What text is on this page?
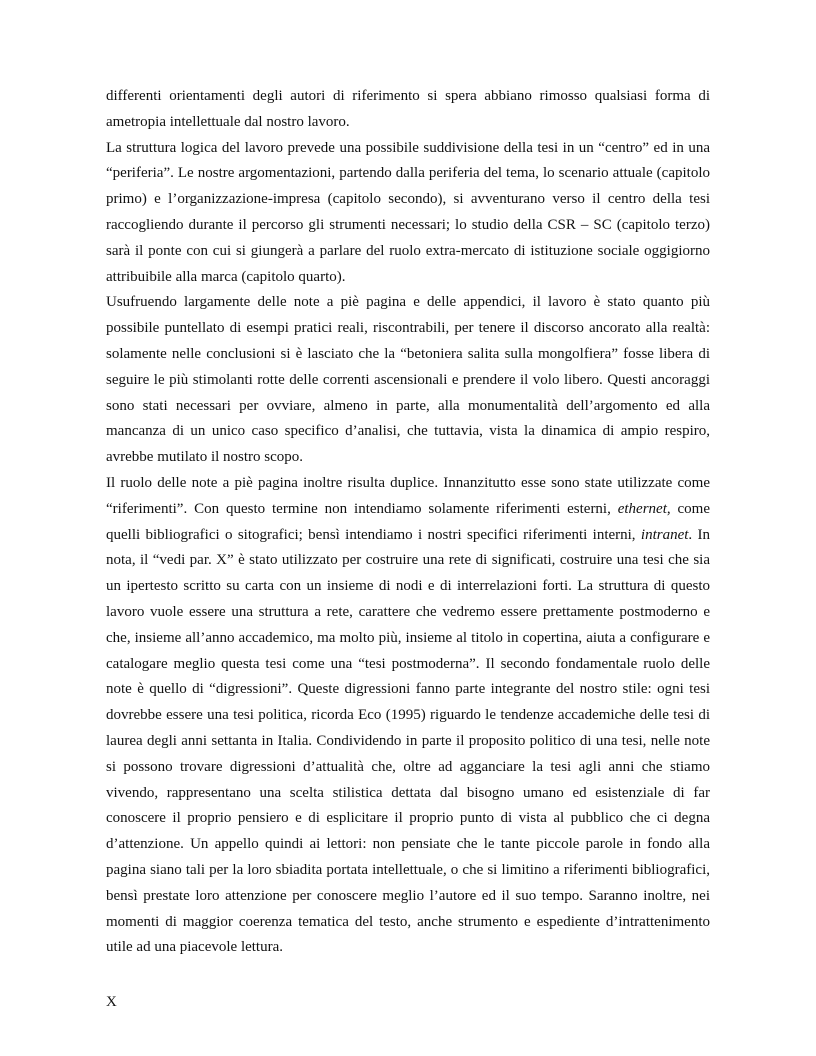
differenti orientamenti degli autori di riferimento si spera abbiano rimosso qualsiasi forma di ametropia intellettuale dal nostro lavoro.

La struttura logica del lavoro prevede una possibile suddivisione della tesi in un “centro” ed in una “periferia”. Le nostre argomentazioni, partendo dalla periferia del tema, lo scenario attuale (capitolo primo) e l’organizzazione-impresa (capitolo secondo), si avventurano verso il centro della tesi raccogliendo durante il percorso gli strumenti necessari; lo studio della CSR – SC (capitolo terzo) sarà il ponte con cui si giungerà a parlare del ruolo extra-mercato di istituzione sociale oggigiorno attribuibile alla marca (capitolo quarto).

Usufruendo largamente delle note a piè pagina e delle appendici, il lavoro è stato quanto più possibile puntellato di esempi pratici reali, riscontrabili, per tenere il discorso ancorato alla realtà: solamente nelle conclusioni si è lasciato che la “betoniera salita sulla mongolfiera” fosse libera di seguire le più stimolanti rotte delle correnti ascensionali e prendere il volo libero. Questi ancoraggi sono stati necessari per ovviare, almeno in parte, alla monumentalità dell’argomento ed alla mancanza di un unico caso specifico d’analisi, che tuttavia, vista la dinamica di ampio respiro, avrebbe mutilato il nostro scopo.

Il ruolo delle note a piè pagina inoltre risulta duplice. Innanzitutto esse sono state utilizzate come “riferimenti”. Con questo termine non intendiamo solamente riferimenti esterni, ethernet, come quelli bibliografici o sitografici; bensì intendiamo i nostri specifici riferimenti interni, intranet. In nota, il “vedi par. X” è stato utilizzato per costruire una rete di significati, costruire una tesi che sia un ipertesto scritto su carta con un insieme di nodi e di interrelazioni forti. La struttura di questo lavoro vuole essere una struttura a rete, carattere che vedremo essere prettamente postmoderno e che, insieme all’anno accademico, ma molto più, insieme al titolo in copertina, aiuta a configurare e catalogare meglio questa tesi come una “tesi postmoderna”. Il secondo fondamentale ruolo delle note è quello di “digressioni”. Queste digressioni fanno parte integrante del nostro stile: ogni tesi dovrebbe essere una tesi politica, ricorda Eco (1995) riguardo le tendenze accademiche delle tesi di laurea degli anni settanta in Italia. Condividendo in parte il proposito politico di una tesi, nelle note si possono trovare digressioni d’attualità che, oltre ad agganciare la tesi agli anni che stiamo vivendo, rappresentano una scelta stilistica dettata dal bisogno umano ed esistenziale di far conoscere il proprio pensiero e di esplicitare il proprio punto di vista al pubblico che ci degna d’attenzione. Un appello quindi ai lettori: non pensiate che le tante piccole parole in fondo alla pagina siano tali per la loro sbiadita portata intellettuale, o che si limitino a riferimenti bibliografici, bensì prestate loro attenzione per conoscere meglio l’autore ed il suo tempo. Saranno inoltre, nei momenti di maggior coerenza tematica del testo, anche strumento e espediente d’intrattenimento utile ad una piacevole lettura.

X
